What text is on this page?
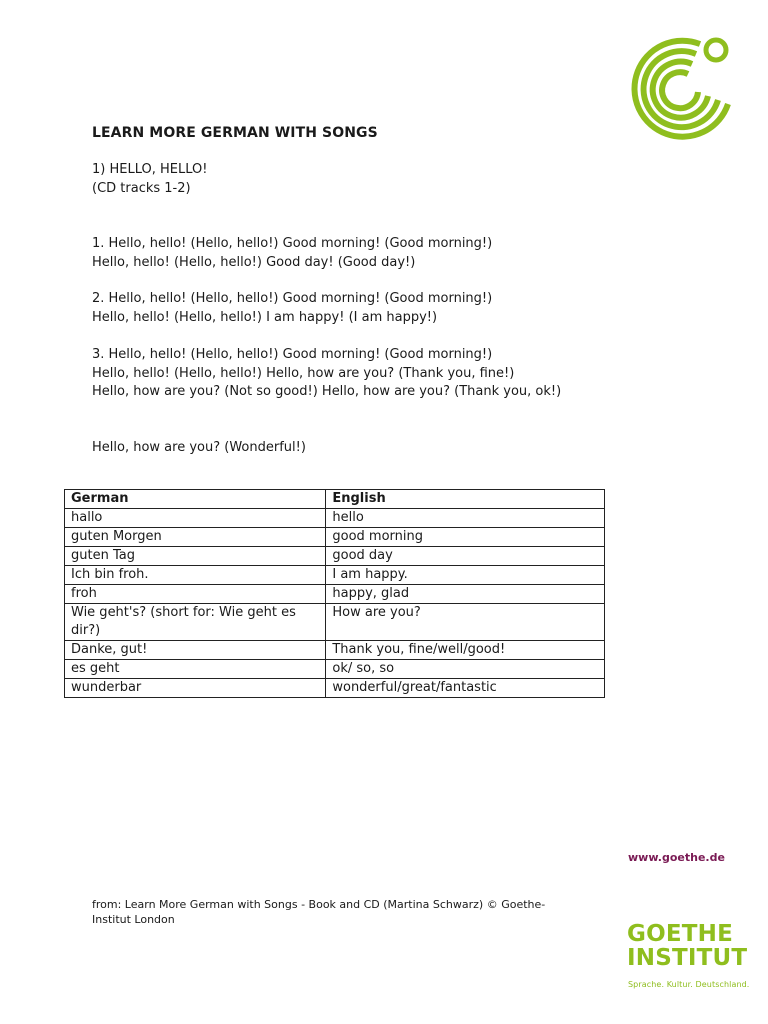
LEARN MORE GERMAN WITH SONGS
1) HELLO, HELLO!
(CD tracks 1-2)

1. Hello, hello! (Hello, hello!) Good morning! (Good morning!)

Hello, hello! (Hello, hello!) Good day! (Good day!)

2. Hello, hello! (Hello, hello!) Good morning! (Good morning!)

Hello, hello! (Hello, hello!) I am happy! (I am happy!)

3. Hello, hello! (Hello, hello!) Good morning! (Good morning!)

Hello, hello! (Hello, hello!) Hello, how are you? (Thank you, fine!)

Hello, how are you? (Not so good!) Hello, how are you? (Thank you, ok!)

Hello, how are you? (Wonderful!)

German	English
hallo	hello
guten Morgen	good morning
guten Tag	good day
Ich bin froh.	I am happy.
froh	happy, glad
Wie geht's? (short for: Wie geht es dir?)	How are you?
Danke, gut!	Thank you, fine/well/good!
es geht	ok/ so, so
wunderbar	wonderful/great/fantastic
www.goethe.de

from: Learn More German with Songs - Book and CD (Martina Schwarz) © Goethe-Institut London

GOETHE
INSTITUT
Sprache. Kultur. Deutschland.
